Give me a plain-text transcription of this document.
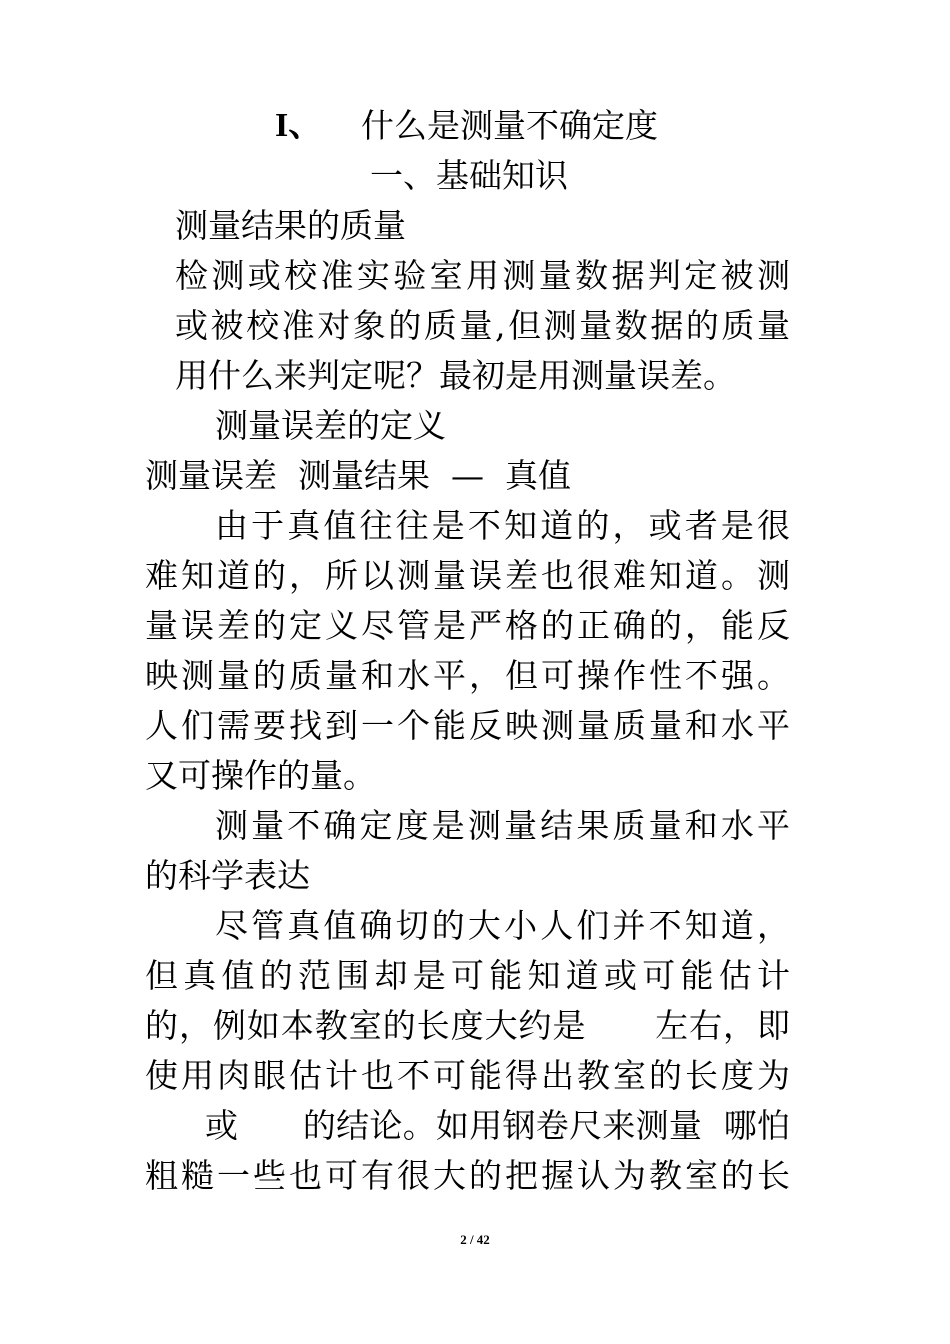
I、

什么是测量不确定度

一、基础知识
测量结果的质量
检测或校准实验室用测量数据判定被测
或被校准对象的质量,但测量数据的质量
用什么来判定呢？最初是用测量误差。
测量误差的定义
测量误差  测量结果  —  真值
由于真值往往是不知道的，或者是很
难知道的，所以测量误差也很难知道。测
量误差的定义尽管是严格的正确的，能反
映测量的质量和水平，但可操作性不强。
人们需要找到一个能反映测量质量和水平
又可操作的量。
测量不确定度是测量结果质量和水平
的科学表达
尽管真值确切的大小人们并不知道，
但真值的范围却是可能知道或可能估计
的，例如本教室的长度大约是      左右，即
使用肉眼估计也不可能得出教室的长度为
或      的结论。如用钢卷尺来测量  哪怕
粗糙一些也可有很大的把握认为教室的长
2 / 42
